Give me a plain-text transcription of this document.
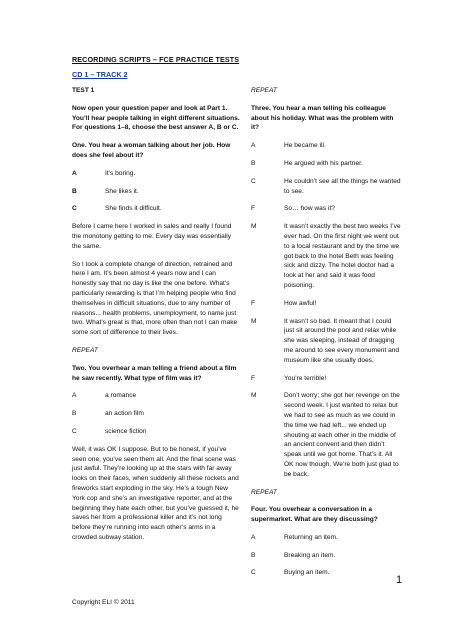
RECORDING SCRIPTS – FCE PRACTICE TESTS
CD 1 – TRACK 2

TEST 1

Now open your question paper and look at Part 1. You’ll hear people talking in eight different situations. For questions 1–8, choose the best answer A, B or C.

One. You hear a woman talking about her job. How does she feel about it?

A	It’s boring.
B	She likes it.
C	She finds it difficult.

Before I came here I worked in sales and really I found the monotony getting to me. Every day was essentially the same.

So I took a complete change of direction, retrained and here I am. It’s been almost 4 years now and I can honestly say that no day is like the one before. What’s particularly rewarding is that I’m helping people who find themselves in difficult situations, due to any number of reasons... health problems, unemployment, to name just two. What’s great is that, more often than not I can make some sort of difference to their lives.

REPEAT

Two. You overhear a man telling a friend about a film he saw recently. What type of film was it?

A	a romance
B	an action film
C	science fiction

Well, it was OK I suppose. But to be honest, if you’ve seen one, you’ve seen them all. And the final scene was just awful. They’re looking up at the stars with far away looks on their faces, when suddenly all these rockets and fireworks start exploding in the sky. He’s a tough New York cop and she’s an investigative reporter, and at the beginning they hate each other, but you’ve guessed it, he saves her from a professional killer and it’s not long before they’re running into each other’s arms in a crowded subway station.

REPEAT

Three. You hear a man telling his colleague about his holiday. What was the problem with it?

A	He became ill.
B	He argued with his partner.
C	He couldn’t see all the things he wanted to see.
F	So… how was it?
M	It wasn’t exactly the best two weeks I’ve ever had. On the first night we went out to a local restaurant and by the time we got back to the hotel Beth was feeling sick and dizzy. The hotel doctor had a look at her and said it was food poisoning.
F	How awful!
M	It wasn’t so bad. It meant that I could just sit around the pool and relax while she was sleeping, instead of dragging me around to see every monument and museum like she usually does.
F	You’re terrible!
M	Don’t worry; she got her revenge on the second week. I just wanted to relax but we had to see as much as we could in the time we had left... we ended up shouting at each other in the middle of an ancient convent and then didn’t speak until we got home. That’s it. All OK now though. We’re both just glad to be back.

REPEAT

Four. You overhear a conversation in a supermarket. What are they discussing?

A	Returning an item.
B	Breaking an item.
C	Buying an item.
1
Copyright ELI © 2011
